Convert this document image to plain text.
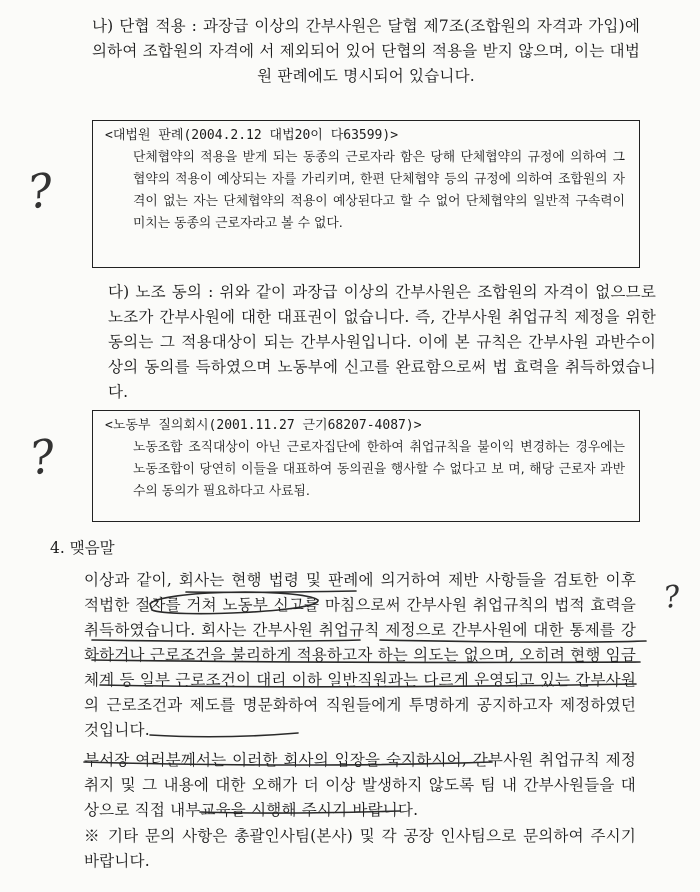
나) 단협 적용 : 과장급 이상의 간부사원은 달협 제7조(조합원의 자격과 가입)에 의하여 조합원의 자격에 서 제외되어 있어 단협의 적용을 받지 않으며, 이는 대법원 판례에도 명시되어 있습니다.

<대법원 판례(2004.2.12 대법20이 다63599)>

단체협약의 적용을 받게 되는 동종의 근로자라 함은 당해 단체협약의 규정에 의하여 그 협약의 적용이 예상되는 자를 가리키며, 한편 단체협약 등의 규정에 의하여 조합원의 자격이 없는 자는 단체협약의 적용이 예상된다고 할 수 없어 단체협약의 일반적 구속력이 미치는 동종의 근로자라고 볼 수 없다.

?
다) 노조 동의 : 위와 같이 과장급 이상의 간부사원은 조합원의 자격이 없으므로 노조가 간부사원에 대한 대표권이 없습니다. 즉, 간부사원 취업규칙 제정을 위한 동의는 그 적용대상이 되는 간부사원입니다. 이에 본 규칙은 간부사원 과반수이상의 동의를 득하였으며 노동부에 신고를 완료함으로써 법 효력을 취득하였습니다.

<노동부 질의회시(2001.11.27 근기68207-4087)>

노동조합 조직대상이 아닌 근로자집단에 한하여 취업규칙을 불이익 변경하는 경우에는 노동조합이 당연히 이들을 대표하여 동의권을 행사할 수 없다고 보 며, 해당 근로자 과반수의 동의가 필요하다고 사료됨.

?
4. 맺음말
이상과 같이, 회사는 현행 법령 및 판례에 의거하여 제반 사항들을 검토한 이후 적법한 절차를 거쳐 노동부 신고를 마침으로써 간부사원 취업규칙의 법적 효력을 취득하였습니다. 회사는 간부사원 취업규칙 제정으로 간부사원에 대한 통제를 강화하거나 근로조건을 불리하게 적용하고자 하는 의도는 없으며, 오히려 현행 임금체계 등 일부 근로조건이 대리 이하 일반직원과는 다르게 운영되고 있는 간부사원의 근로조건과 제도를 명문화하여 직원들에게 투명하게 공지하고자 제정하였던 것입니다.
부서장 여러분께서는 이러한 회사의 입장을 숙지하시어, 간부사원 취업규칙 제정 취지 및 그 내용에 대한 오해가 더 이상 발생하지 않도록 팀 내 간부사원들을 대상으로 직접 내부교육을 시행해 주시기 바랍니다.
※ 기타 문의 사항은 총괄인사팀(본사) 및 각 공장 인사팀으로 문의하여 주시기 바랍니다.
?
